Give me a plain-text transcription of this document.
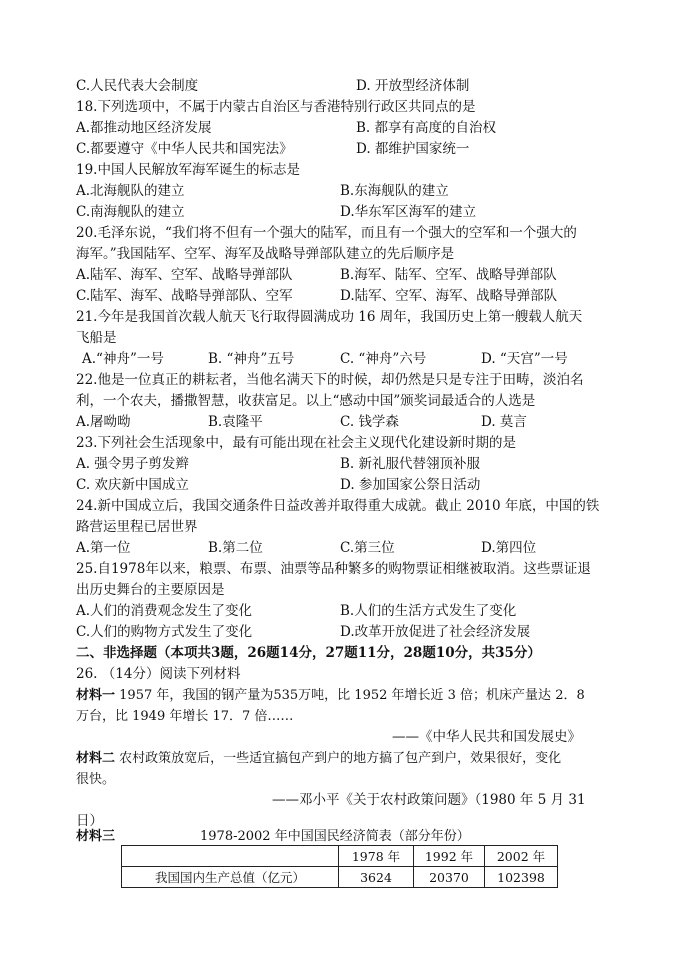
C.人民代表大会制度	D. 开放型经济体制
18.下列选项中，不属于内蒙古自治区与香港特别行政区共同点的是
A.都推动地区经济发展	B. 都享有高度的自治权
C.都要遵守《中华人民共和国宪法》	D. 都维护国家统一
19.中国人民解放军海军诞生的标志是
A.北海舰队的建立	B.东海舰队的建立
C.南海舰队的建立	D.华东军区海军的建立
20.毛泽东说，“我们将不但有一个强大的陆军，而且有一个强大的空军和一个强大的
海军。”我国陆军、空军、海军及战略导弹部队建立的先后顺序是
A.陆军、海军、空军、战略导弹部队	B.海军、陆军、空军、战略导弹部队
C.陆军、海军、战略导弹部队、空军	D.陆军、空军、海军、战略导弹部队
21.今年是我国首次载人航天飞行取得圆满成功 16 周年，我国历史上第一艘载人航天
飞船是
A.“神舟”一号	B. “神舟”五号	C. “神舟”六号	D. “天宫”一号
22.他是一位真正的耕耘者，当他名满天下的时候，却仍然是只是专注于田畴，淡泊名
利，一个农夫，播撒智慧，收获富足。以上“感动中国”颁奖词最适合的人选是
A.屠呦呦	B.袁隆平	C. 钱学森	D. 莫言
23.下列社会生活现象中，最有可能出现在社会主义现代化建设新时期的是
A. 强令男子剪发辫	B. 新礼服代替翎顶补服
C. 欢庆新中国成立	D. 参加国家公祭日活动
24.新中国成立后，我国交通条件日益改善并取得重大成就。截止 2010 年底，中国的铁
路营运里程已居世界
A.第一位	B.第二位	C.第三位	D.第四位
25.自1978年以来，粮票、布票、油票等品种繁多的购物票证相继被取消。这些票证退
出历史舞台的主要原因是
A.人们的消费观念发生了变化	B.人们的生活方式发生了变化
C.人们的购物方式发生了变化	D.改革开放促进了社会经济发展
二、非选择题（本项共3题，26题14分，27题11分，28题10分，共35分）
26. （14分）阅读下列材料
材料一 1957 年，我国的钢产量为535万吨，比 1952 年增长近 3 倍；机床产量达 2．8
万台，比 1949 年增长 17．7 倍……
——《中华人民共和国发展史》
材料二 农村政策放宽后，一些适宜搞包产到户的地方搞了包产到户，效果很好，变化
很快。
——邓小平《关于农村政策问题》（1980 年 5 月 31
日）
材料三	1978-2002 年中国国民经济简表（部分年份）
	1978 年	1992 年	2002 年
我国国内生产总值（亿元）	3624	20370	102398
